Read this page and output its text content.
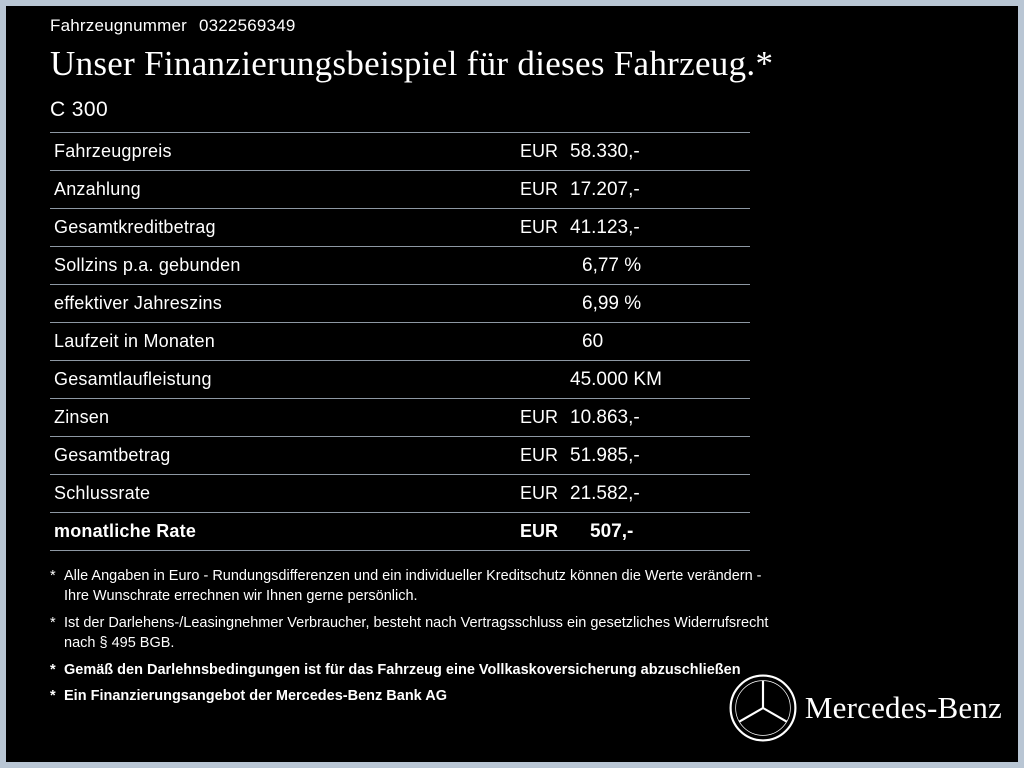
Fahrzeugnummer 0322569349
Unser Finanzierungsbeispiel für dieses Fahrzeug.*
C 300
Fahrzeugpreis	EUR	58.330,-
Anzahlung	EUR	17.207,-
Gesamtkreditbetrag	EUR	41.123,-
Sollzins p.a. gebunden		6,77 %
effektiver Jahreszins		6,99 %
Laufzeit in Monaten		60
Gesamtlaufleistung		45.000 KM
Zinsen	EUR	10.863,-
Gesamtbetrag	EUR	51.985,-
Schlussrate	EUR	21.582,-
monatliche Rate	EUR	507,-
* Alle Angaben in Euro - Rundungsdifferenzen und ein individueller Kreditschutz können die Werte verändern - Ihre Wunschrate errechnen wir Ihnen gerne persönlich.
* Ist der Darlehens-/Leasingnehmer Verbraucher, besteht nach Vertragsschluss ein gesetzliches Widerrufsrecht nach § 495 BGB.
* Gemäß den Darlehnsbedingungen ist für das Fahrzeug eine Vollkaskoversicherung abzuschließen
* Ein Finanzierungsangebot der Mercedes-Benz Bank AG	Mercedes-Benz
